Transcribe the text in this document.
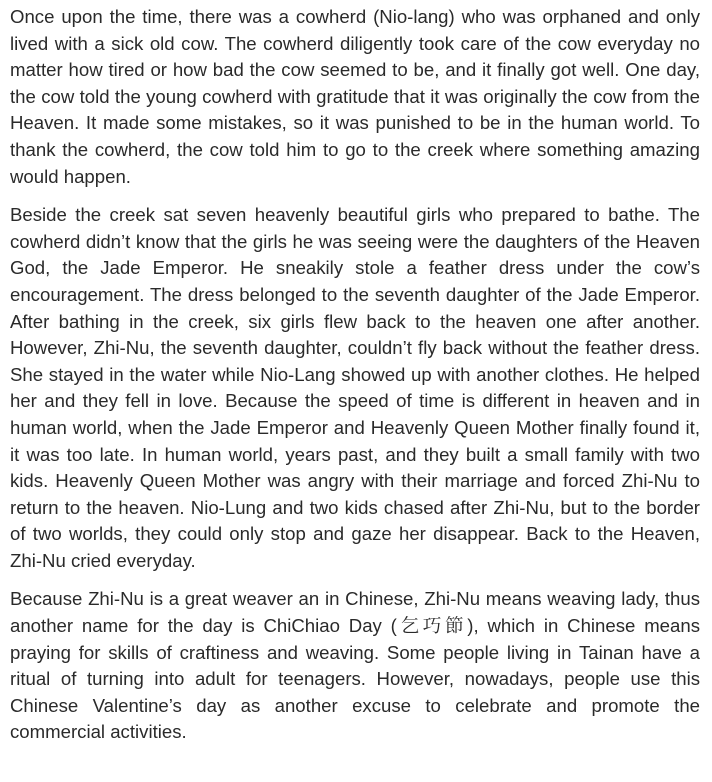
Once upon the time, there was a cowherd (Nio-lang) who was orphaned and only lived with a sick old cow. The cowherd diligently took care of the cow everyday no matter how tired or how bad the cow seemed to be, and it finally got well. One day, the cow told the young cowherd with gratitude that it was originally the cow from the Heaven. It made some mistakes, so it was punished to be in the human world. To thank the cowherd, the cow told him to go to the creek where something amazing would happen.

Beside the creek sat seven heavenly beautiful girls who prepared to bathe. The cowherd didn’t know that the girls he was seeing were the daughters of the Heaven God, the Jade Emperor. He sneakily stole a feather dress under the cow’s encouragement. The dress belonged to the seventh daughter of the Jade Emperor. After bathing in the creek, six girls flew back to the heaven one after another. However, Zhi-Nu, the seventh daughter, couldn’t fly back without the feather dress. She stayed in the water while Nio-Lang showed up with another clothes. He helped her and they fell in love. Because the speed of time is different in heaven and in human world, when the Jade Emperor and Heavenly Queen Mother finally found it, it was too late. In human world, years past, and they built a small family with two kids. Heavenly Queen Mother was angry with their marriage and forced Zhi-Nu to return to the heaven. Nio-Lung and two kids chased after Zhi-Nu, but to the border of two worlds, they could only stop and gaze her disappear. Back to the Heaven, Zhi-Nu cried everyday.

Because Zhi-Nu is a great weaver an in Chinese, Zhi-Nu means weaving lady, thus another name for the day is ChiChiao Day (乞巧節), which in Chinese means praying for skills of craftiness and weaving. Some people living in Tainan have a ritual of turning into adult for teenagers. However, nowadays, people use this Chinese Valentine’s day as another excuse to celebrate and promote the commercial activities.
